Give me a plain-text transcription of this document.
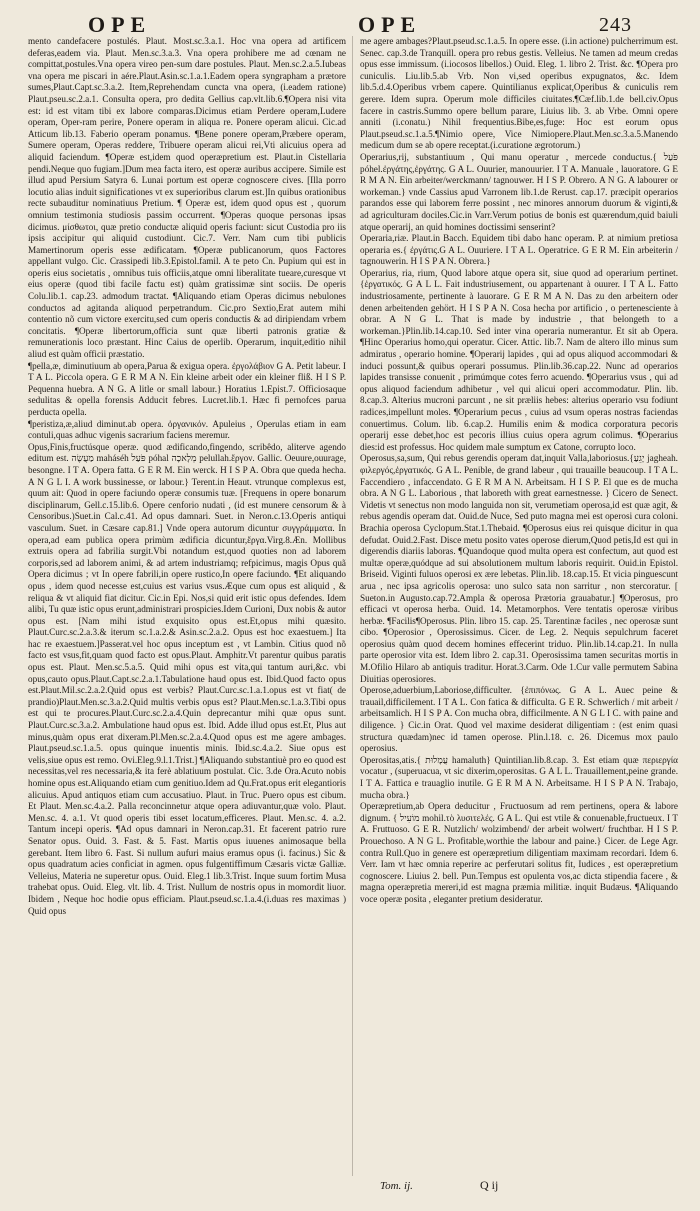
OPE	OPE	243

mento candefacere postulés. Plaut. Most.sc.3.a.1. Hoc vna opera ad artificem deferas,eadem via. Plaut. Men.sc.3.a.3. Vna opera prohibere me ad cœnam ne compittat,postules.Vna opera vireo pen-sum dare postules. Plaut. Men.sc.2.a.5.Iubeas vna opera me piscari in aére.Plaut.Asin.sc.1.a.1.Eadem opera syngrapham a prætore sumes,Plaut.Capt.sc.3.a.2. Item,Reprehendam cuncta vna opera, (i.eadem ratione) Plaut.pseu.sc.2.a.1. Consulta opera, pro dedita Gellius cap.vlt.lib.6.¶Opera nisi vita est: id est vitam tibi ex labore comparas.Dicimus etiam Perdere operam,Ludere operam, Oper-ram perire, Ponere operam in aliqua re. Ponere operam alicui. Cic.ad Atticum lib.13. Faberio operam ponamus. ¶Bene ponere operam,Præbere operam, Sumere operam, Operas reddere, Tribuere operam alicui rei,Vti alicuius opera ad aliquid faciendum. ¶Operæ est,idem quod operæpretium est. Plaut.in Cistellaria pendi.Neque quo fugiam.]Dum mea facta itero, est operæ auribus accipere. Simile est illud apud Persium Satyra 6. Lunai portum est operæ cognoscere cives. [Illa porro locutio alias induit significationes vt ex superioribus clarum est.]In quibus orationibus recte subauditur nominatiuus Pretium. ¶ Operæ est, idem quod opus est , quorum omnium testimonia studiosis passim occurrent. ¶Operas quoque personas ipsas dicimus. μίσθωτοι, quæ pretio conductæ aliquid operis faciunt: sicut Custodia pro iis ipsis accipitur qui aliquid custodiunt. Cic.7. Verr. Nam cum tibi publicis Mamertinorum operis esse ædificatam. ¶Operæ publicanorum, quos Factores appellant vulgo. Cic. Crassipedi lib.3.Epistol.famil. A te peto Cn. Pupium qui est in operis eius societatis , omnibus tuis officiis,atque omni liberalitate tueare,curesque vt eius operæ (quod tibi facile factu est) quàm gratissimæ sint sociis. De operis Colu.lib.1. cap.23. admodum tractat. ¶Aliquando etiam Operas dicimus nebulones conductos ad agitanda aliquod perpetrandum. Cic.pro Sextio,Erat autem mihi contentio nõ cum victore exercitu,sed cum operis conductis & ad diripiendam vrbem concitatis. ¶Operæ libertorum,officia sunt quæ liberti patronis gratiæ & remunerationis loco præstant. Hinc Caius de operlib. Operarum, inquit,editio nihil aliud est quàm officii præstatio.

¶pella,æ, diminutiuum ab opera,Parua & exigua opera. ἐργολάβιον G A. Petit labeur. I T A L. Piccola opera. G E R M A N. Ein kleine arbeit oder ein kleiner fliß. H I S P. Pequenna huebra. A N G. A litle or small labour.} Horatius 1.Epist.7. Officiosaque sedulitas & opella forensis Adducit febres. Lucret.lib.1. Hæc fi pernofces parua perducta opella.

¶peristiza,æ,aliud diminut.ab opera. ὀργανικόν. Apuleius , Operulas etiam in eam contuli,quas adhuc vigenis sacrarium faciens meremur.

Opus,Finis,fructúsque operæ. quod ædificando,fingendo, scribêdo, aliterve agendo editum est. מַעֲשֶׂה maháséh פֹּעַל póhal מְלָאכָה pelullah.ἔργον. Gallic. Oeuure,ouurage, besongne. I T A. Opera fatta. G E R M. Ein werck. H I S P A. Obra que queda hecha. A N G L I. A work bussinesse, or labour.} Terent.in Heaut. vtrunque complexus est, quum ait: Quod in opere faciundo operæ consumis tuæ. [Frequens in opere bonarum disciplinarum, Gell.c.15.lib.6. Opere cenforio nudati , (id est munere censorum & à Censoribus.)Suet.in Cal.c.41. Ad opus damnari. Suet. in Neron.c.13.Operis antiqui vasculum. Suet. in Cæsare cap.81.] Vnde opera autorum dicuntur συγγράμματα. In opera,ad eam publica opera primùm ædificia dicuntur,ἔργα.Virg.8.Æn. Mollibus extruis opera ad fabrilia surgit.Vbi notandum est,quod quoties non ad laborem corporis,sed ad laborem animi, & ad artem industriamq; refpicimus, magis Opus quã Opera dicimus ; vt In opere fabrili,in opere rustico,In opere faciundo. ¶Et aliquando opus , idem quod necesse est,cuius est varius vsus.Æque cum opus est aliquid , & reliqua & vt aliquid fiat dicitur. Cic.in Epi. Nos,si quid erit istic opus defendes. Idem alibi, Tu quæ istic opus erunt,administrari prospicies.Idem Curioni, Dux nobis & autor opus est. [Nam mihi istud exquisito opus est.Et,opus mihi quæsito. Plaut.Curc.sc.2.a.3.& iterum sc.1.a.2.& Asin.sc.2.a.2. Opus est hoc exaestuem.] Ita hac re exaestuem.]Passerat.vel hoc opus inceptum est , vt Lambin. Citius quod nõ facto est vsus,fit,quam quod facto est opus.Plaut. Amphitr.Vt parentur quibus paratis opus est. Plaut. Men.sc.5.a.5. Quid mihi opus est vita,qui tantum auri,&c. vbi opus,cauto opus.Plaut.Capt.sc.2.a.1.Tabulatione haud opus est. Ibid.Quod facto opus est.Plaut.Mil.sc.2.a.2.Quid opus est verbis? Plaut.Curc.sc.1.a.1.opus est vt fiat( de prandio)Plaut.Men.sc.3.a.2.Quid multis verbis opus est? Plaut.Men.sc.1.a.3.Tibi opus est qui te procures.Plaut.Curc.sc.2.a.4.Quin deprecantur mihi quæ opus sunt. Plaut.Curc.sc.3.a.2. Ambulatione haud opus est. Ibid. Adde illud opus est.Et, Plus aut minus,quàm opus erat dixeram.Pl.Men.sc.2.a.4.Quod opus est me agere ambages. Plaut.pseud.sc.1.a.5. opus quinque inuentis minis. Ibid.sc.4.a.2. Siue opus est velis,siue opus est remo. Ovi.Eleg.9.l.1.Trist.] ¶Aliquando substantiuè pro eo quod est necessitas,vel res necessaria,& ita ferè ablatiuum postulat. Cic. 3.de Ora.Acuto nobis homine opus est.Aliquando etiam cum genitiuo.Idem ad Qu.Frat.opus erit elegantioris alicuius. Apud antiquos etiam cum accusatiuo. Plaut. in Truc. Puero opus est cibum. Et Plaut. Men.sc.4.a.2. Palla reconcinnetur atque opera adiuvantur,quæ volo. Plaut. Men.sc. 4. a.1. Vt quod operis tibi esset locatum,efficeres. Plaut. Men.sc. 4. a.2. Tantum incepi operis. ¶Ad opus damnari in Neron.cap.31. Et facerent patrio rure Senator opus. Ouid. 3. Fast. & 5. Fast. Martis opus iuuenes animosaque bella gerebant. Item libro 6. Fast. Si nullum aufuri maius eramus opus (i. facinus.) Sic & opus quadratum acies conficiat in agmen. opus fulgentiffimum Cæsaris victæ Galliæ. Velleius, Materia ne superetur opus. Ouid. Eleg.1 lib.3.Trist. Inque suum fortim Musa trahebat opus. Ouid. Eleg. vlt. lib. 4. Trist. Nullum de nostris opus in momordit liuor. Ibidem , Neque hoc hodie opus efficiam. Plaut.pseud.sc.1.a.4.(i.duas res maximas ) Quid opus

me agere ambages?Plaut.pseud.sc.1.a.5. In opere esse. (i.in actione) pulcherrimum est. Senec. cap.3.de Tranquill. opera pro rebus gestis. Velleius. Ne tamen ad meum credas opus esse immissum. (i.iocosos libellos.) Ouid. Eleg. 1. libro 2. Trist. &c. ¶Opera pro cuniculis. Liu.lib.5.ab Vrb. Non vi,sed operibus expugnatos, &c. Idem lib.5.d.4.Operibus vrbem capere. Quintilianus explicat,Operibus & cuniculis rem gerere. Idem supra. Operum mole difficiles ciuitates.¶Cæf.lib.1.de bell.civ.Opus facere in castris.Summo opere bellum parare, Liuius lib. 3. ab Vrbe. Omni opere anniti (i.conatu.) Nihil frequentius.Bibe,es,fuge: Hoc est eorum opus Plaut.pseud.sc.1.a.5.¶Nimio opere, Vice Nimiopere.Plaut.Men.sc.3.a.5.Manendo medicum dum se ab opere receptat.(i.curatione ægrotorum.)

Operarius,rij, substantiuum , Qui manu operatur , mercede conductus.{ פֹּעַל póhel.ἐργάτης,ἐργάτης. G A L. Ouurier, manouurier. I T A. Manuale , lauoratore. G E R M A N. Ein arbeiter/werckmann/ tagnouwer. H I S P. Obrero. A N G. A labourer or workeman.} vnde Cassius apud Varronem lib.1.de Rerust. cap.17. præcipit operarios parandos esse qui laborem ferre possint , nec minores annorum duorum & viginti,& ad agriculturam dociles.Cic.in Varr.Verum potius de bonis est quærendum,quid baiuli atque operarij, an quid homines doctissimi senserint?

Operaria,riæ. Plaut.in Bacch. Equidem tibi dabo hanc operam. P. at nimium pretiosa operaria es.{ ἐργάτις.G A L. Ouuriere. I T A L. Operatrice. G E R M. Ein arbeiterin / tagnouwerin. H I S P A N. Obrera.}

Operarius, ria, rium, Quod labore atque opera sit, siue quod ad operarium pertinet. {ἐργατικός. G A L L. Fait industriusement, ou appartenant à ouurer. I T A L. Fatto industriosamente, pertinente à lauorare. G E R M A N. Das zu den arbeitern oder denen arbeitenden gehört. H I S P A N. Cosa hecha por artificio , o pertenesciente à obrar. A N G L. That is made by industrie , that belongeth to a workeman.}Plin.lib.14.cap.10. Sed inter vina operaria numerantur. Et sit ab Opera. ¶Hinc Operarius homo,qui operatur. Cicer. Attic. lib.7. Nam de altero illo minus sum admiratus , operario homine. ¶Operarij lapides , qui ad opus aliquod accommodari & induci possunt,& quibus operari possumus. Plin.lib.36.cap.22. Nunc ad operarios lapides transisse conuenit , primúmque cotes ferro acuendo. ¶Operarius vsus , qui ad opus aliquod faciendum adhibetur , vel qui alicui operi accommodatur. Plin. lib. 8.cap.3. Alterius mucroni parcunt , ne sit præliis hebes: alterius operario vsu fodiunt radices,impellunt moles. ¶Operarium pecus , cuius ad vsum operas nostras faciendas conuertimus. Colum. lib. 6.cap.2. Humilis enim & modica corporatura pecoris operarij esse debet,hoc est pecoris illius cuius opera agrum colimus. ¶Operarius dies:id est professus. Hoc quidem male sumptum ex Catone, corrupto loco.

Operosus,sa,sum, Qui rebus gerendis operam dat,inquit Valla,laboriosus.{יָגֵעַ jagheah. φιλεργός,ἐργατικός. G A L. Penible, de grand labeur , qui trauaille beaucoup. I T A L. Faccendiero , infaccendato. G E R M A N. Arbeitsam. H I S P. El que es de mucha obra. A N G L. Laborious , that laboreth with great earnestnesse. } Cicero de Senect. Videtis vt senectus non modo languida non sit, verumetiam operosa,id est quæ agit, & rebus agendis operam dat. Ouid.de Nuce, Sed puto magna mei est operosi cura coloni. Brachia operosa Cyclopum.Stat.1.Thebaid. ¶Operosus eius rei quisque dicitur in qua defudat. Ouid.2.Fast. Disce metu posito vates operose dierum,Quod petis,Id est qui in digerendis diariis laboras. ¶Quandoque quod multa opera est confectum, aut quod est multæ operæ,quódque ad sui absolutionem multum laboris requirit. Ouid.in Epistol. Briseid. Viginti fuluos operosi ex ære lebetas. Plin.lib. 18.cap.15. Et vicia pinguescunt arua , nec ipsa agricolis operosa: uno sulco sata non sarritur , non stercoratur. [ Sueton.in Augusto.cap.72.Ampla & operosa Prætoria grauabatur.] ¶Operosus, pro efficaci vt operosa herba. Ouid. 14. Metamorphos. Vere tentatis operosæ viribus herbæ. ¶Facilis¶Operosus. Plin. libro 15. cap. 25. Tarentinæ faciles , nec operosæ sunt cibo. ¶Operosior , Operosissimus. Cicer. de Leg. 2. Nequis sepulchrum faceret operosius quàm quod decem homines effecerint triduo. Plin.lib.14.cap.21. In nulla parte operosior vita est. Idem libro 2. cap.31. Operosissima tamen securitas mortis in M.Ofilio Hilaro ab antiquis traditur. Horat.3.Carm. Ode 1.Cur valle permutem Sabina Diuitias operosiores.

Operose,aduerbium,Laboriose,difficulter. {ἐπιπόνως. G A L. Auec peine & trauail,difficilement. I T A L. Con fatica & difficulta. G E R. Schwerlich / mit arbeit / arbeitsamlich. H I S P A. Con mucha obra, difficilmente. A N G L I C. with paine and diligence. } Cic.in Orat. Quod vel maxime desiderat diligentiam : (est enim quasi structura quædam)nec id tamen operose. Plin.l.18. c. 26. Dicemus mox paulo operosius.

Operositas,atis.{ עֲמָלוּת hamaluth} Quintilian.lib.8.cap. 3. Est etiam quæ περιεργία vocatur , (superuacua, vt sic dixerim,operositas. G A L L. Trauaillement,peine grande. I T A. Fattica e trauaglio inutile. G E R M A N. Arbeitsame. H I S P A N. Trabajo, mucha obra.}

Operæpretium,ab Opera deducitur , Fructuosum ad rem pertinens, opera & labore dignum. { מוֹעִיל mohil.τὸ λυσιτελές. G A L. Qui est vtile & conuenable,fructueux. I T A. Fruttuoso. G E R. Nutzlich/ wolzimbend/ der arbeit wolwert/ fruchtbar. H I S P. Prouechoso. A N G L. Profitable,worthie the labour and paine.} Cicer. de Lege Agr. contra Rull.Quo in genere est operæpretium diligentiam maximam recordari. Idem 6. Verr. Iam vt hæc omnia reperire ac perferutari solitus fit, Iudices , est operæpretium cognoscere. Liuius 2. bell. Pun.Tempus est opulenta vos,ac dicta stipendia facere , & magna operæpretia mereri,id est magna præmia militiæ. inquit Budæus. ¶Aliquando voce operæ posita , eleganter pretium desideratur.

Tom. ij.	Q ij
